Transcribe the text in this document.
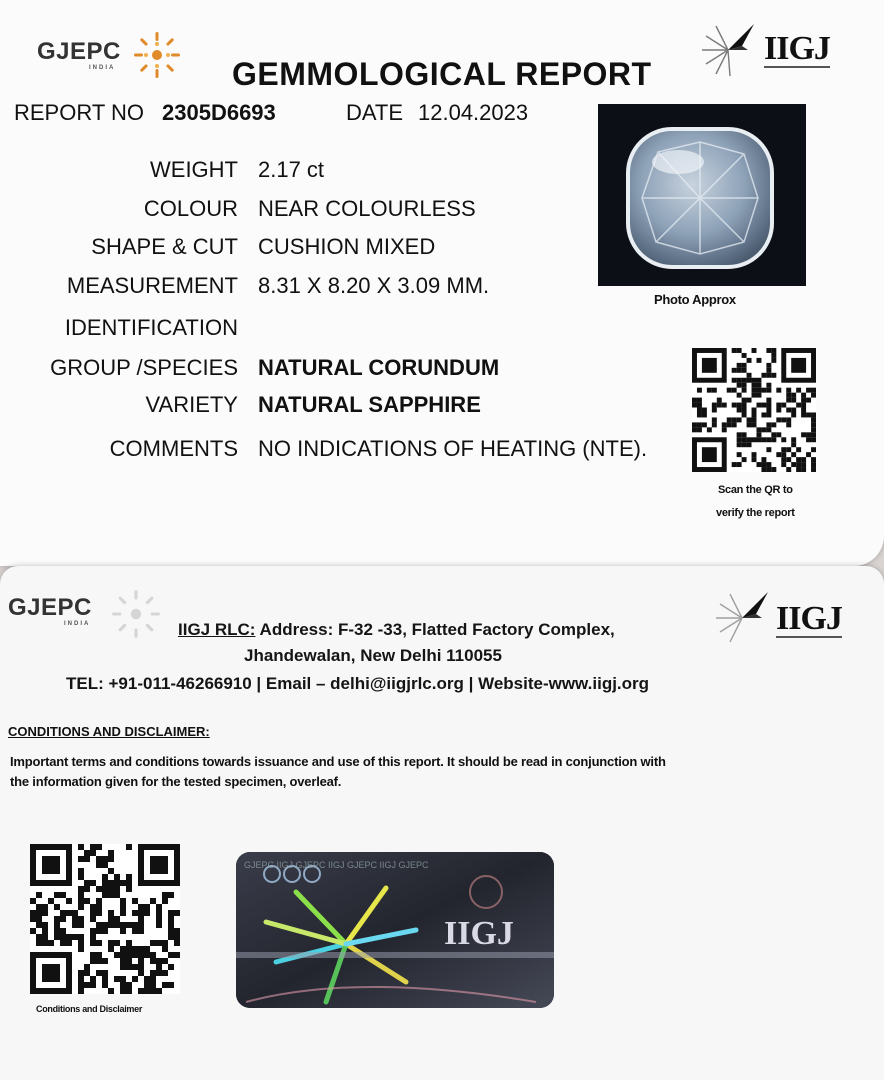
GJEPC
INDIA
IIGJ
GEMMOLOGICAL REPORT
REPORT NO 2305D6693	DATE 12.04.2023
WEIGHT 2.17 ct
COLOUR NEAR COLOURLESS
SHAPE & CUT CUSHION MIXED
MEASUREMENT 8.31 X 8.20 X 3.09 MM.
IDENTIFICATION
GROUP /SPECIES NATURAL CORUNDUM
VARIETY NATURAL SAPPHIRE
COMMENTS NO INDICATIONS OF HEATING (NTE).
Photo Approx
Scan the QR to
verify the report
GJEPC
INDIA	IIGJ
IIGJ RLC: Address: F-32 -33, Flatted Factory Complex,
Jhandewalan, New Delhi 110055
TEL: +91-011-46266910 | Email – delhi@iigjrlc.org | Website-www.iigj.org
CONDITIONS AND DISCLAIMER:
Important terms and conditions towards issuance and use of this report. It should be read in conjunction with
the information given for the tested specimen, overleaf.
Conditions and Disclaimer
GJEPC IIGJ GJEPC IIGJ GJEPC IIGJ GJEPC
IIGJ
